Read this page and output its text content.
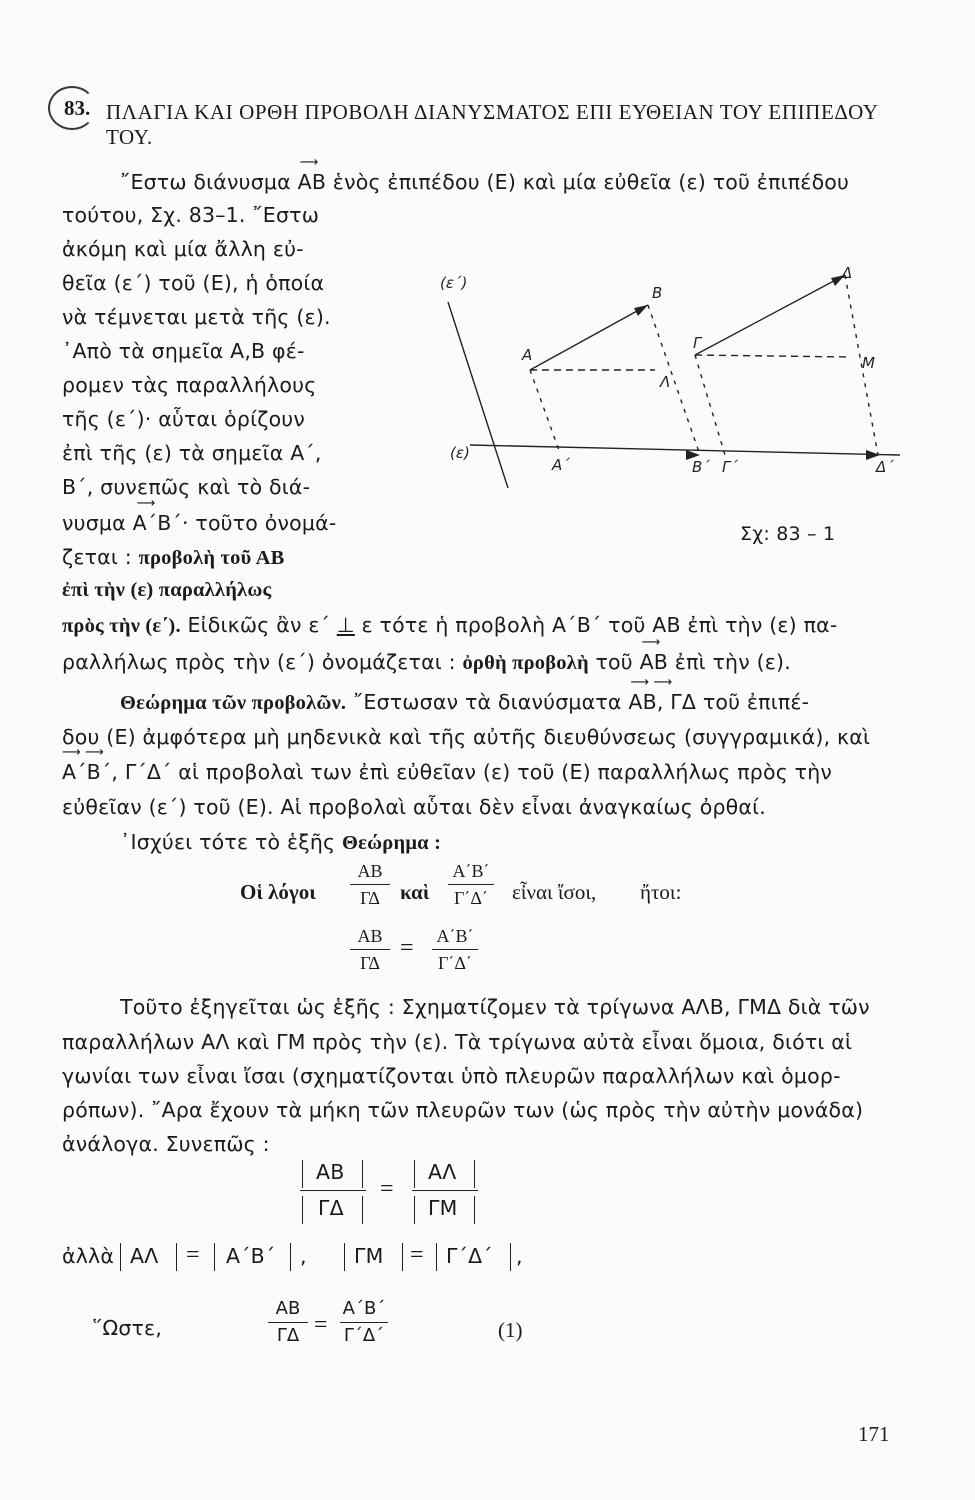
83. ΠΛΑΓΙΑ ΚΑΙ ΟΡΘΗ ΠΡΟΒΟΛΗ ΔΙΑΝΥΣΜΑΤΟΣ ΕΠΙ ΕΥΘΕΙΑΝ ΤΟΥ ΕΠΙΠΕΔΟΥ
ΤΟΥ.
῎Εστω διάνυσμα
⟶
ΑΒ ἑνὸς ἐπιπέδου (Ε) καὶ μία εὐθεῖα (ε) τοῦ ἐπιπέδου
τούτου, Σχ. 83–1. ῎Εστω
ἀκόμη καὶ μία ἄλλη εὐ-
θεῖα (ε΄) τοῦ (Ε), ἡ ὁποία
νὰ τέμνεται μετὰ τῆς (ε).
᾿Απὸ τὰ σημεῖα Α,Β φέ-
ρομεν τὰς παραλλήλους
τῆς (ε΄)· αὗται ὁρίζουν
ἐπὶ τῆς (ε) τὰ σημεῖα Α΄,
Β΄, συνεπῶς καὶ τὸ διά-
νυσμα
⟶
Α΄Β΄· τοῦτο ὀνομά-
ζεται : προβολὴ τοῦ ΑΒ
ἐπὶ τὴν (ε) παραλλήλως
πρὸς τὴν (ε΄). Εἰδικῶς ἂν ε΄ ⊥ ε τότε ἡ προβολὴ Α΄Β΄ τοῦ ΑΒ ἐπὶ τὴν (ε) πα-
ραλλήλως πρὸς τὴν (ε΄) ὀνομάζεται : ὀρθὴ προβολὴ τοῦ
⟶
ΑΒ ἐπὶ τὴν (ε).
(ε΄)
(ε)
Α
Β
Γ
Δ
Λ
Μ
Α΄	Β΄ Γ΄	Δ΄
Σχ: 83 – 1
Θεώρημα τῶν προβολῶν. ῎Εστωσαν τὰ διανύσματα
⟶ ⟶
ΑΒ, ΓΔ τοῦ ἐπιπέ-
δου (Ε) ἀμφότερα μὴ μηδενικὰ καὶ τῆς αὐτῆς διευθύνσεως (συγγραμικά), καὶ
⟶ ⟶
Α΄Β΄, Γ΄Δ΄ αἱ προβολαὶ των ἐπὶ εὐθεῖαν (ε) τοῦ (Ε) παραλλήλως πρὸς τὴν
εὐθεῖαν (ε΄) τοῦ (Ε). Αἱ προβολαὶ αὗται δὲν εἶναι ἀναγκαίως ὀρθαί.
᾿Ισχύει τότε τὸ ἑξῆς Θεώρημα :
Οἱ λόγοι
ΑΒ
ΓΔ καὶ
Α΄Β΄
Γ΄Δ΄ εἶναι ἴσοι, ἤτοι:
ΑΒ
ΓΔ
= Α΄Β΄
Γ΄Δ΄
Τοῦτο ἐξηγεῖται ὡς ἑξῆς : Σχηματίζομεν τὰ τρίγωνα ΑΛΒ, ΓΜΔ διὰ τῶν
παραλλήλων ΑΛ καὶ ΓΜ πρὸς τὴν (ε). Τὰ τρίγωνα αὐτὰ εἶναι ὅμοια, διότι αἱ
γωνίαι των εἶναι ἴσαι (σχηματίζονται ὑπὸ πλευρῶν παραλλήλων καὶ ὁμορ-
ρόπων). ῎Αρα ἔχουν τὰ μήκη τῶν πλευρῶν των (ὡς πρὸς τὴν αὐτὴν μονάδα)
ἀνάλογα. Συνεπῶς :
ΑΒ
ΓΔ
=
ΑΛ
ΓΜ
ἀλλὰ ΑΛ = Α΄Β΄ , ΓΜ = Γ΄Δ΄ ,
῞Ωστε,
ΑΒ
ΓΔ =
Α΄Β΄
Γ΄Δ΄	(1)
171
